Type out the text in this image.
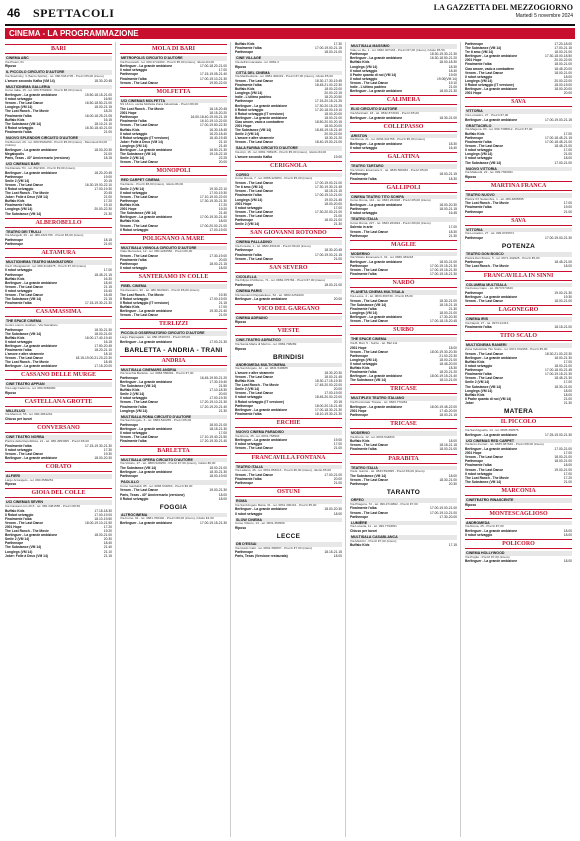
46 SPETTACOLI	LA GAZZETTA DEL MEZZOGIORNO
Martedì 5 novembre 2024
CINEMA - LA PROGRAMMAZIONE
BARI
CINEMA ABC
Via Pisani, 61
Riposo
IL PICCOLO CIRCUITO D'AUTORE
Via Stavinsky, 4 (Santo Spirito) - tel. 080.5331705 - Prezzi €5,00 (intero)
L'amore secondo Kafka (VM 14)	18.30-20.45
MULTICINEMA GALLERIA
Corso Italia, 15 - tel. 080.5794900 - Prezzi €8,00 (intero)
Berlinguer - La grande ambizione	15.50-18.15-21.00
Il robot selvaggio	16.50
Venom - The Last Dance	16.50-18.50-21.00
Longlegs (VM 14)	18.00-21.15
The Lost Ranch - The Movie	18.20
Finalmente l'alba	16.00-18.25-21.05
Buffalo Kids	16.15
The Substance (VM 14)	18.10-21.10
Il Robot selvaggio	16.30-18.40-21.00
Finalmente l'alba	21.00
NUOVO SPLENDOR CIRCUITO D'AUTORE
Via Buccari, 29 - tel. 080.5520250 - Prezzi €5,00 (intero) - Mercoledì €4,00 (ridotto)
Berlinguer - La grande ambizione	18.00-20.30
Megalopolis	21.00
Paris, Texas - 40° Anniversario (versione)	18.15
UCI CINEMAS BARI
Via Daniele Tiri - tel. 892.960 - Prezzi €9,00 (intero)
Berlinguer - La grande ambizione	18.20-20.45
Parthenope	19.00
Smile 2 (VM 14)	20.15
Venom - The Last Dance	16.30-19.00-22.10
Il Robot selvaggio	17.00-19.30
The Lost Ranch - The Movie	20.45
Joker: Folie à Deux (VM 14)	21.00
Buffalo Kids	17.20
Finalmente l'alba	19.10
Longlegs (VM 14)	20.00-22.30
The Substance (VM 14)	21.30
ALBEROBELLO
TEATRO DEI TRULLI
Via Mongelli, 26 - tel. 080.4321766 - Prezzi €6,00 (intero)
Parthenope	18.15
Parthenope	21.00
ALTAMURA
MULTICINEMA TEATRO MANGIATORDI
Via F. Mangiatordi - tel. 080.3144675 - Prezzi €7,00 (intero)
Il robot selvaggio	17.00
Parthenope	18.45-21.15
Buffalo Kids	16.30
Berlinguer - La grande ambizione	18.40
Venom - The Last Dance	21.15
Il robot selvaggio	16.40
Venom - The Last Dance	18.45
The Substance (VM 14)	21.15
Finalmente l'alba	17.15-19.30-21.30
CASAMASSIMA
THE SPACE CINEMA
Centro comm. Auchan - Via Noicattaro
Parthenope	18.30-21.30
The Substance (VM 14)	18.00-21.00
Buffalo Kids	16.00-17.40-19.40
Il robot selvaggio	16.15
Berlinguer - La grande ambizione	17.50-20.45
Finalmente l'alba	18.20-21.10
L'amore e altre stramerie	18.10
Venom - The Last Dance	18.15-19.00-21.20-22.30
The Lost Ranch - The Movie	18.45
Berlinguer - La grande ambizione	17.15-20.00
CASSANO DELLE MURGE
CINE TEATRO APPIAN
Via Luigi Cadorna - tel. 080.3066980
Riposo
CASTELLANA GROTTE
MILLELUCI
Via Marconi, 56 - tel. 080.4961234
Chiuso per lavori
CONVERSANO
CINE TEATRO NORBA
Piazza della Repubblica, 21 - tel. 080.4953005 - Prezzi €6,00
Finalmente l'alba	17.15-19.30-21.30
Il robot selvaggio	17.30
Venom - The Last Dance	19.30
Berlinguer - La grande ambizione	18.00-20.30
CORATO
ALFIERI
Largo Arcangelo - tel. 080.3580251
Riposo
GIOIA DEL COLLE
UCI CINEMAS SEVEN
Via Cassano km 20,5 - tel. 080.3481555 - Prezzi €8,50
Buffalo Kids	17.15-18.30
Il Robot selvaggio	17.00-19.00
Finalmente l'alba	18.10-19.50
Venom - The Last Dance	18.00-19.10-21.50
2001 Hope	17.20
The Lost Ranch - The Movie	19.20
Berlinguer - La grande ambizione	18.00-21.00
Smile 2 (VM 14)	20.30
Parthenope	18.40
The Substance (VM 14)	21.40
Longlegs (VM 14)	21.10
Joker: Folie à Deux (VM 14)	21.15
MOLA DI BARI
METROPOLIS CIRCUITO D'AUTORE
Via Pescarelli - tel. 080.4741600 - Prezzi €5,00 (intero), ridotto €4,00
Berlinguer - La grande ambizione	17.00-18.20-21.00
Il robot selvaggio	17.00
Parthenope	17.15-19.05-21.40
Finalmente l'alba	17.00-19.10-21.30
Venom - The Last Dance	19.50-22.00
MOLFETTA
UCI CINEMAS MOLFETTA
SS 16 km. uscita Molfetta Zona Industriale - Prezzi €9,00
The Lost Ranch - The Movie	16.15-20.45
2001 Hope	18.15-20.20
Parthenope	16.00-18.40-19.00-21.15
Finalmente l'alba	16.10-19.10-22.00
Venom - The Last Dance	17.00-19.50-22.30
Buffalo Kids	16.30-18.45
Il robot selvaggio	16.20-18.40
Il Robot selvaggio (IT versione)	16.40-19.45
Joker: Folie à Deux (VM 14)	21.10
Longlegs (VM 14)	21.40
Berlinguer - La grande ambizione	16.50-21.30
The Substance (VM 14)	19.15-22.15
Smile 2 (VM 14)	22.25
Venom - The Last Dance	20.00
MONOPOLI
RED CARPET CINEMA
Via Dante - Prezzi €8,00 (intero), ridotto €6,00
Smile 2 (VM 14)	19.30-22.10
Il robot selvaggio	17.00-19.30
Venom - The Last Dance	17.10-19.00-22.00
Parthenope	17.30-19.30-21.30
Buffalo Kids	17.20
2001 Hope	19.20
The Substance (VM 14)	21.40
Berlinguer - La grande ambizione	17.00-19.30-21.40
Buffalo Kids	18.00
Venom - The Last Dance	17.00-20.00-21.00
Il Robot selvaggio	17.00-19.00
POLIGNANO A MARE
MULTISALA VIGNOLA CIRCUITO D'AUTORE
Viale Mercedes, 12 - tel. 080.4240550 - Prezzi €6,00
Venom - The Last Dance	17.30-19.00
Finalmente l'alba	20.00
Parthenope	18.00-21.15
Il robot selvaggio	18.00
SANTERAMO IN COLLE
FIBEL CINEMA
Via Alessano, 90 - tel. 080.3023021 - Prezzi €6,00 (intero)
The Lost Ranch - The Movie	19.30
Il Robot selvaggio	17.00-19.00
Il Robot selvaggio (IT versione)	21.15
Buffalo Kids	17.00
Berlinguer - La grande ambizione	19.30-21.40
Venom - The Last Dance	21.00
TERLIZZI
PICCOLO OSSERVATORIO CIRCUITO D'AUTORE
Largo Pappagallo - tel. 080.3516372 - Prezzi €5,00
Berlinguer - La grande ambizione	17.00-21.30
BARLETTA - ANDRIA - TRANI
ANDRIA
MULTISALA CINEMARS ANDRIA
Via Vecchia Barletta - tel. 0883.556081 - Prezzi €7,00
Parthenope	16.45-19.50-21.20
Berlinguer - La grande ambizione	17.30-19.40
The Substance (VM 14)	21.50
Buffalo Kids	17.10-18.30
Smile 2 (VM 14)	20.00
Il robot selvaggio	17.00-19.30
Venom - The Last Dance	17.20-19.10-21.30
Finalmente l'alba	17.20-19.20-21.40
Longlegs (VM 14)	21.30
MULTISALA ROMA CIRCUITO D'AUTORE
Via Sant'Angelo, 6 - tel. 0883.540255 - Prezzi €5,00
Parthenope	18.00-21.00
Berlinguer - La grande ambizione	18.15-21.30
Il robot selvaggio	17.00
Venom - The Last Dance	17.10-19.40-21.50
Finalmente l'alba	17.20-19.30-21.40
BARLETTA
MULTISALA OPERA CIRCUITO D'AUTORE
Via Vittorio, 27 - tel. 0883.520250 - Prezzi €7,00 (intero), ridotto €6,00
The Substance (VM 14)	18.00-21.00
Berlinguer - La grande ambizione	18.30-21.30
Parthenope	18.00-19.00
PAOLILLO
Corso Garibaldi, 85 - tel. 0883.531863 - Prezzi €6,00
Venom - The Last Dance	19.00-21.30
Paris, Texas - 40° Anniversario (versione)	18.00
Il Robot selvaggio	18.00
FOGGIA
ALTROCINEMA
Via Fumo, 34 - tel. 0881.708402 - Prezzi €6,00 (intero), ridotto €4,00
Berlinguer - La grande ambizione	17.00-19.15-21.30
Buffalo Kids	17.30
Finalmente l'alba	17.00-19.00-21.15
Parthenope	18.00-21.00
CINE VILLAGE
Via dell'Immacolata - tel. 0881.3
Riposo
CITTÀ DEL CINEMA
Via Manfredonia - tel. 0881.400219 - Prezzi €7,00 (intero), ridotto €5,00
Venom - The Last Dance	18.30-17.30-19.45
Finalmente l'alba	18.45-21.00-22.30
Buffalo Kids	18.00-22.00
Longlegs (VM 14)	20.00-22.15
Indie - L'ultimo padrino	18.20-20.50
Parthenope	17.15-20.15-21.25
Berlinguer - La grande ambizione	17.30-20.15-22.25
Il Robot selvaggio	17.20-18.00-19.10
Il Robot selvaggio (IT versione)	18.00-20.00
Berlinguer - La grande ambizione	18.00-21.00
Ciao amore, vado a combattere	18.50-20.00-20.15
2001 Hope	18.00-20.00
The Substance (VM 14)	18.45-19.15-21.40
Smile 2 (VM 14)	20.00-22.00
L'amore e altre stramerie	18.30-21.20
Venom - The Last Dance	18.40-19.00-21.00
SALA FARINA CIRCUITO D'AUTORE
Via Arpi, 15 - tel. 0881.706935 - Prezzi €5,00 (intero), ridotto €4,00
L'amore secondo Kafka	19.00
CERIGNOLA
CORSO
Corso Roma, 7 - tel. 0885.423054 - Prezzi €5,00 (intero)
Venom - The Last Dance	17.00-19.00-21.00
Tre ti amo (VM 14)	17.30-19.30-21.45
Venom - The Last Dance	18.15-21.15
Finalmente l'alba	17.00-19.10-21.00
Longlegs (VM 14)	19.00-21.45
2001 Hope	18.00-20.00
Il robot selvaggio	17.00
Venom - The Last Dance	17.30-20.00-21.00
Venom - The Last Dance	21.00
Parthenope	18.00-21.00
Smile 2 (VM 14)	21.30
SAN GIOVANNI ROTONDO
CINEMA PALLADINO
Via Foresta, 1 - tel. 0882.456100 - Prezzi €6,00 (intero)
Parthenope	18.30-20.45
Finalmente l'alba	17.00-19.00-21.15
Venom - The Last Dance	21.00
SAN SEVERO
CICOLELLA
Via Filippo D'Alfonso, 71 - tel. 0882.375784 - Prezzi €7,00 (intero)
Parthenope	18.00-21.00
CINEMA PARIS
Via Giovanni Pappalettere, 52 - tel. 0882.2254400
Berlinguer - La grande ambizione	20.00
VICO DEL GARGANO
CINEMA ADRIANO
Riposo
VIESTE
CINE-TEATRO ADRIATICO
Via Santa Maria di Merino - tel. 0884.708289
Riposo
BRINDISI
ANDROMEDA MULTICINEMA
Via Sant'Angelo, 42 - tel. 0831.548685
L'amore e altre stramerie	18.30-20.30
Venom - The Last Dance	18.00-21.45
Buffalo Kids	18.30-17.15-19.30
The Lost Ranch - The Movie	17.45-20.00-22.00
Smile 2 (VM 14)	20.00
Venom - The Last Dance	17.00-19.00
Il robot selvaggio	18.45-20.00-22.00
Il Robot selvaggio (IT versione)	20.15
Parthenope	18.00-20.15-21.45
Berlinguer - La grande ambizione	17.00-18.30-21.30
Finalmente l'alba	18.10-19.30-21.30
ERCHIE
NUOVO CINEMA PARADISO
Via Roma, 35 - tel. 0831.768534
Berlinguer - La grande ambizione	19.00
Il robot selvaggio	17.00
Venom - The Last Dance	21.00
FRANCAVILLA FONTANA
TEATRO ITALIA
Via Latiano, 46 - tel. 0831.853013 - Prezzi €6,00 (intero), ridotto €5,00
Venom - The Last Dance	17.00-21.00
Finalmente l'alba	20.00
Parthenope	21.00
OSTUNI
ROMA
Via Sant'Angelo Maria, 31 - tel. 0831.300161 - Prezzi €5,00
Berlinguer - La grande ambizione	18.00-20.30
Il robot selvaggio	18.00
SLOW CINEMA
Corso Vittorio, 14 - tel. 0831.353500
Riposo
LECCE
DB D'ESSAI
Via Guido Catti - tel. 0832.390057 - Prezzi €7,00 (intero)
Parthenope	18.15-21.15
Paris, Texas (Versione restaurata)	18.00
MULTISALA MASSIMO
Viale Lo Re, 1 - tel. 0832.307433 - Prezzi €7,00 (intero), ridotto €5,50
Parthenope	18.30-19.30-21.30
Berlinguer - La grande ambizione	16.30-18.50-21.20
Buffalo Kids	18.00-18.30
Longlegs (VM 14)	18.30
Il robot selvaggio	18.40
Il Padre quanto di noi (VM 14)	19.00
Il robot selvaggio	19.00(VM 14)
Venom - The Last Dance	19.10
Indie - L'ultimo padrino	21.00
Berlinguer - La grande ambizione	18.00-21.30
CALIMERA
ELIO CIRCUITO D'AUTORE
Via Montinari, 18 - tel. 0832.873016 - Prezzi €5,00
Berlinguer - La grande ambizione	18.30-21.00
COLLEPASSO
ARISTON
Via Roma, 21 - tel. 0836.341758 - Prezzi €5,00 (intero)
Berlinguer - La grande ambizione	18.30
Il robot selvaggio	16.40
GALATINA
TEATRO TARTARO
Via Vittorio Emanuele II - tel. 0836.566063 - Prezzi €5,00
Parthenope	18.00-21.15
Finalmente l'alba	18.30
GALLIPOLI
CINEMA TEATRO TITO SCHIPA
Corso Roma, 144 - tel. 0833.264028 - Prezzi €5,00 (intero)
Berlinguer - La grande ambizione	18.00-20.30
Parthenope	18.00-21.15
Il robot selvaggio	16.45
TEATRO ITALIA
Corso Roma, 227 - tel. 0833.264024 - Prezzi €6,00 (intero)
Salento in arte	17.00
Venom - The Last Dance	18.30
Parthenope	21.30
MAGLIE
MODERNO
Via Vittorio Emanuele II, 32 - tel. 0836.484218
Berlinguer - La grande ambizione	18.00-21.00
Parthenope	17.00-19.15-21.30
Venom - The Last Dance	17.00-19.15-21.30
Finalmente l'alba	17.00-19.15-21.30
NARDÒ
PLANETA CINEMA MULTISALA
Via Lecce, 4 - tel. 0833.369730 - Prezzi €5,00
Venom - The Last Dance	18.30-21.00
The Substance (VM 14)	18.15-21.15
Finalmente l'alba	21.30
Longlegs (VM 14)	18.00-21.00
Berlinguer - La grande ambizione	17.30-20.30
Venom - The Last Dance	17.00-18.15-20.45
SURBO
THE SPACE CINEMA
Via B. Bari, 5 - Surbo - tel. 892.111
2001 Hope	18.00
Venom - The Last Dance	18.00-19.30-20.30
Parthenope	21.00-22.30
Longlegs (VM 14)	18.00-21.00
Il robot selvaggio	18.45-20.00
Buffalo Kids	18.30
Finalmente l'alba	18.20-21.20
Berlinguer - La grande ambizione	18.00-19.15-21.40
The Substance (VM 14)	18.10-21.00
TRICASE
MULTIPLEX TEATRO ITALIANO
Via Provinciale Tricase - tel. 0833.770284
Berlinguer - La grande ambizione	18.00-19.45-22.00
2001 Hope	17.40-20.00
Parthenope	18.00-21.15
TRICASE
MODERNO
Via Roma, 12 - tel. 0833.544833
Buffalo Kids	18.00
Venom - The Last Dance	18.15-21.15
Finalmente l'alba	18.00-21.00
PARABITA
TEATRO ITALIA
Via E. Garrisi - tel. 0833.593095 - Prezzi €6,00 (intero)
The Substance (VM 14)	18.00
Venom - The Last Dance	18.30-21.00
Parthenope	20.30
TARANTO
ORFEO
Via Pitagora, 72 - tel. 099.4710802 - Prezzi €7,00
Finalmente l'alba	17.00-19.00-21.00
Venom - The Last Dance	17.00-19.10-21.00
Parthenope	17.30-20.00
LUMIÈRE
Via Lucania, 11 - tel. 099.7793051
Chiuso per lavori
MULTISALA CASABLANCA
Via Mazzini - Prezzi €7,00 (intero)
Buffalo Kids	17.15
Parthenope	17.20-18.00
The Substance (VM 14)	17.00-21.15
Tre ti amo (VM 14)	18.00-21.00
Berlinguer - La grande ambizione	17.30-18.00-18.50
2001 Hope	20.00-22.00
Finalmente l'alba	18.00-21.00
Ciao amore, vado a combattere	18.45-20.00
Venom - The Last Dance	18.00-21.00
Il robot selvaggio	18.00
Longlegs (VM 14)	20.00-22.00
Il Robot selvaggio (IT versione)	18.00-19.00
Berlinguer - La grande ambizione	18.00-20.00
2001 Hope	20.00
SAVA
VITTORIA
Via Lomastro, 27 - Prezzi €7,00
Berlinguer - La grande ambizione	17.00-19.00-21.15
GRATTACIELO
Via Magona, 83 - tel. 099.7395812 - Prezzi €7,00
Buffalo Kids	17.00
Parthenope	17.00-18.45-21.15
Finalmente l'alba	17.00-18.45-21.00
Venom - The Last Dance	18.45-21.00
Il robot selvaggio	17.00
Longlegs (VM 14)	21.00
Il robot selvaggio	18.00
The Substance (VM 14)	17.00-21.00
NUOVO VITTORIA
Via Matteotti, 22 - tel. 099.7360811
Riposo
MARTINA FRANCA
TEATRO NUOVO
Piazza XX Settembre, 1 - tel. 080.4805565
The Lost Ranch - The Movie	17.00
Finalmente l'alba	19.00
Parthenope	21.00
SAVA
VITTORIA
Via Lomastro, 27 - tel. 099.9725071
Parthenope	17.00-19.00-21.30
POTENZA
TEATRO DON BOSCO
Piazza Don Bosco, 5 - tel. 0971.442925 - Prezzi €5,00
Parthenope	18.45-21.00
The Lost Ranch - The Movie	18.00
FRANCAVILLA IN SINNI
COLUMBIA MULTISALA
Via Fosso Capo - tel. 0973.574643
Parthenope	19.00-21.30
Berlinguer - La grande ambizione	19.30
Venom - The Last Dance	18.00-21.00
LAGONEGRO
CINEMA IRIS
Via Napoli, 27 - tel. 0973.21313
Finalmente l'alba	18.15-21.00
TITO SCALO
MULTICINEMA RANIERI
Zona Industriale Tito Scalo - tel. 0971.631966 - Prezzi €5,00
Venom - The Last Dance	18.30-21.00-22.30
Berlinguer - La grande ambizione	18.00-21.30
Buffalo Kids	17.00
Il robot selvaggio	18.00-21.00
Parthenope	17.00-18.00-21.45
Finalmente l'alba	17.00-19.15-21.30
Venom - The Last Dance	18.45-21.30
Smile 2 (VM 14)	17.00
The Substance (VM 14)	18.30-21.00
Longlegs (VM 14)	18.00
Buffalo Kids	18.00
Il Padre quanto di noi (VM 14)	21.00
Joker	21.30
MATERA
IL PICCOLO
Via Sant'Agnello, 14 - tel. 0835.330576
Berlinguer - La grande ambizione	17.25-19.00-21.30
UCI CINEMAS RED CARPET
Via Enzo Ferrari - tel. 0835.387640 - Prezzi €8,00 (intero)
Berlinguer - La grande ambizione	17.00-21.00
2001 Hope	17.00
Venom - The Last Dance	18.00-21.00
Parthenope	18.00-21.00
Finalmente l'alba	18.00
Venom - The Last Dance	19.00-21.00
Il robot selvaggio	17.00
The Lost Ranch - The Movie	17.20
The Substance (VM 14)	21.00
MARCONIA
CINETEATRO RINASCENTE
Riposo
MONTESCAGLIOSO
ANDROMEDA
Via Roma, 25 - Prezzi €7,00
Berlinguer - La grande ambizione	18.00
Il robot selvaggio	18.00
POLICORO
CINEMA HOLLYWOOD
Via Puglia - Prezzi €7,00 (intero)
Berlinguer - La grande ambizione	18.00
